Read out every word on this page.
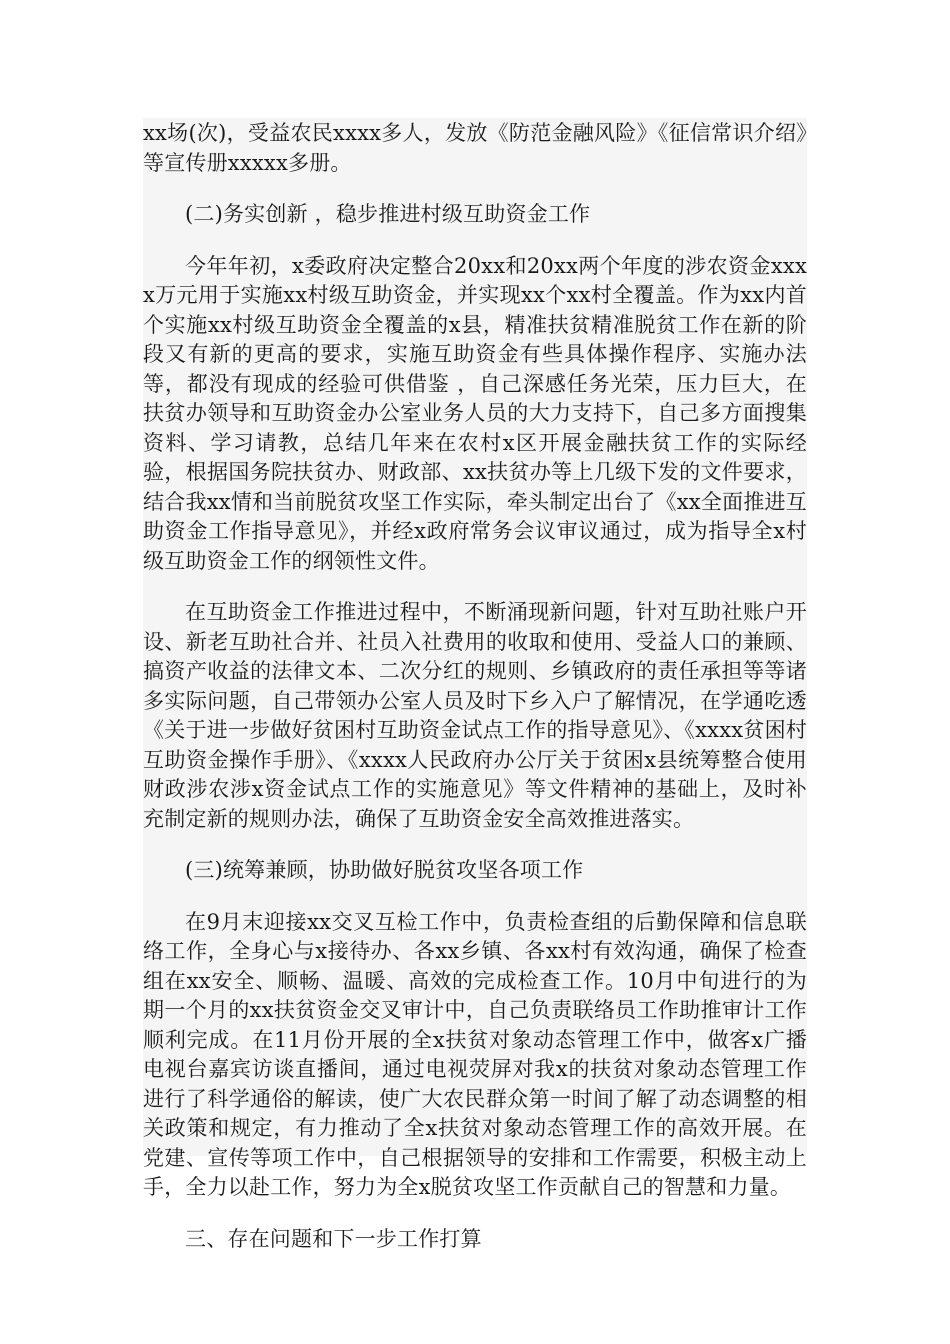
xx场(次)，受益农民xxxx多人，发放《防范金融风险》《征信常识介绍》等宣传册xxxxx多册。

(二)务实创新 ，稳步推进村级互助资金工作

今年年初，x委政府决定整合20xx和20xx两个年度的涉农资金xxxx万元用于实施xx村级互助资金，并实现xx个xx村全覆盖。作为xx内首个实施xx村级互助资金全覆盖的x县，精准扶贫精准脱贫工作在新的阶段又有新的更高的要求，实施互助资金有些具体操作程序、实施办法等，都没有现成的经验可供借鉴 ，自己深感任务光荣，压力巨大，在扶贫办领导和互助资金办公室业务人员的大力支持下，自己多方面搜集资料、学习请教，总结几年来在农村x区开展金融扶贫工作的实际经验，根据国务院扶贫办、财政部、xx扶贫办等上几级下发的文件要求，结合我xx情和当前脱贫攻坚工作实际，牵头制定出台了《xx全面推进互助资金工作指导意见》，并经x政府常务会议审议通过，成为指导全x村级互助资金工作的纲领性文件。

在互助资金工作推进过程中，不断涌现新问题，针对互助社账户开设、新老互助社合并、社员入社费用的收取和使用、受益人口的兼顾、搞资产收益的法律文本、二次分红的规则、乡镇政府的责任承担等等诸多实际问题，自己带领办公室人员及时下乡入户了解情况，在学通吃透《关于进一步做好贫困村互助资金试点工作的指导意见》、《xxxx贫困村互助资金操作手册》、《xxxx人民政府办公厅关于贫困x县统筹整合使用财政涉农涉x资金试点工作的实施意见》等文件精神的基础上，及时补充制定新的规则办法，确保了互助资金安全高效推进落实。

(三)统筹兼顾，协助做好脱贫攻坚各项工作

在9月末迎接xx交叉互检工作中，负责检查组的后勤保障和信息联络工作，全身心与x接待办、各xx乡镇、各xx村有效沟通，确保了检查组在xx安全、顺畅、温暖、高效的完成检查工作。10月中旬进行的为期一个月的xx扶贫资金交叉审计中，自己负责联络员工作助推审计工作顺利完成。在11月份开展的全x扶贫对象动态管理工作中，做客x广播电视台嘉宾访谈直播间，通过电视荧屏对我x的扶贫对象动态管理工作进行了科学通俗的解读，使广大农民群众第一时间了解了动态调整的相关政策和规定，有力推动了全x扶贫对象动态管理工作的高效开展。在党建、宣传等项工作中，自己根据领导的安排和工作需要，积极主动上手，全力以赴工作，努力为全x脱贫攻坚工作贡献自己的智慧和力量。

三、存在问题和下一步工作打算
